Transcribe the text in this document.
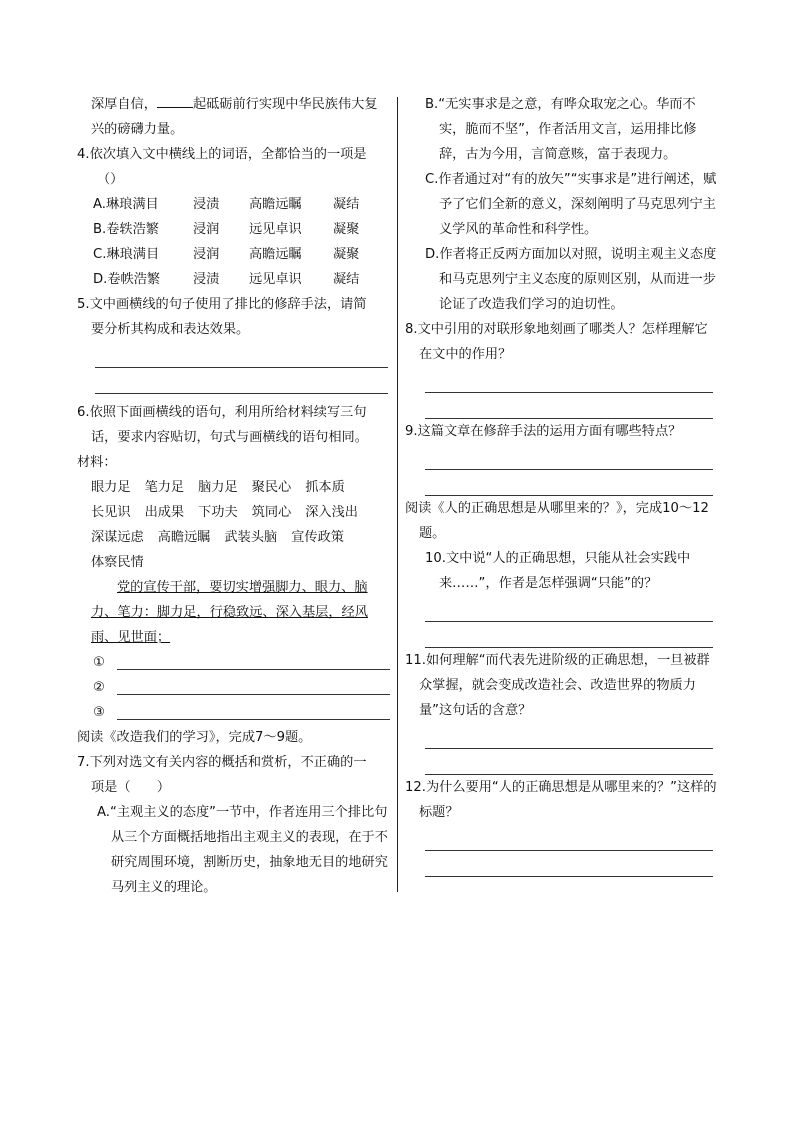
深厚自信，	起砥砺前行实现中华民族伟大复

兴的磅礴力量。

4.依次填入文中横线上的词语，全都恰当的一项是

（）

A.琳琅满目	浸渍	高瞻远瞩	凝结
B.卷轶浩繁	浸润	远见卓识	凝聚
C.琳琅满目	浸润	高瞻远瞩	凝聚
D.卷帙浩繁	浸渍	远见卓识	凝结

5.文中画横线的句子使用了排比的修辞手法，请简

要分析其构成和表达效果。

6.依照下面画横线的语句，利用所给材料续写三句

话，要求内容贴切，句式与画横线的语句相同。

材料：

眼力足 笔力足 脑力足 聚民心 抓本质
长见识 出成果 下功夫 筑同心 深入浅出
深谋远虑 高瞻远瞩 武装头脑 宣传政策
体察民情

党的宣传干部，要切实增强脚力、眼力、脑力、笔力：脚力足，行稳致远、深入基层，经风雨、见世面；

①
②
③

阅读《改造我们的学习》，完成7～9题。

7.下列对选文有关内容的概括和赏析，不正确的一

项是（　　）

A.“主观主义的态度”一节中，作者连用三个排比句从三个方面概括地指出主观主义的表现，在于不研究周围环境，割断历史，抽象地无目的地研究马列主义的理论。

B.“无实事求是之意，有哗众取宠之心。华而不实，脆而不坚”，作者活用文言，运用排比修辞，古为今用，言简意赅，富于表现力。

C.作者通过对“有的放矢”“实事求是”进行阐述，赋予了它们全新的意义，深刻阐明了马克思列宁主义学风的革命性和科学性。

D.作者将正反两方面加以对照，说明主观主义态度和马克思列宁主义态度的原则区别，从而进一步论证了改造我们学习的迫切性。

8.文中引用的对联形象地刻画了哪类人？怎样理解它在文中的作用？

9.这篇文章在修辞手法的运用方面有哪些特点？

阅读《人的正确思想是从哪里来的？》，完成10～12题。

10.文中说“人的正确思想，只能从社会实践中来……”，作者是怎样强调“只能”的？

11.如何理解“而代表先进阶级的正确思想，一旦被群众掌握，就会变成改造社会、改造世界的物质力量”这句话的含意？

12.为什么要用“人的正确思想是从哪里来的？”这样的标题？
